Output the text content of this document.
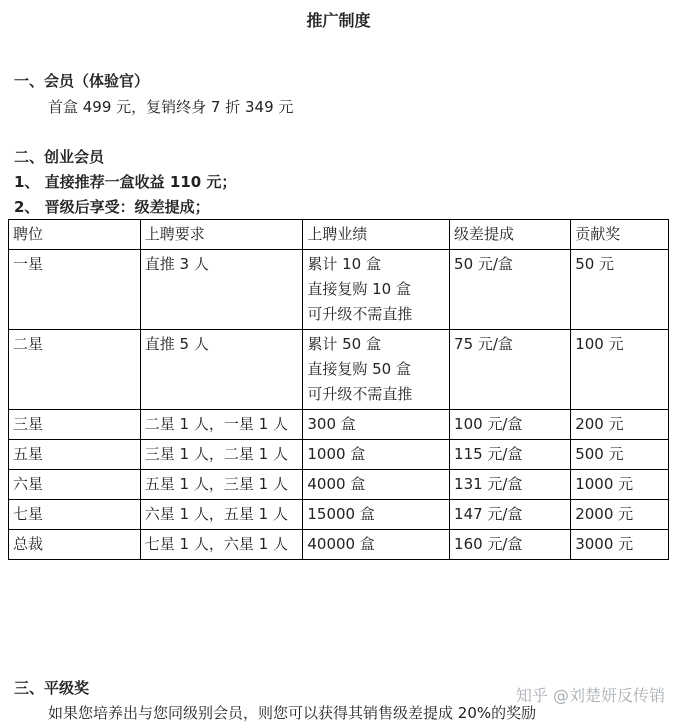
推广制度
一、会员（体验官）
首盒 499 元，复销终身 7 折 349 元
二、创业会员
1、 直接推荐一盒收益 110 元；
2、 晋级后享受：级差提成；
聘位	上聘要求	上聘业绩	级差提成	贡献奖
一星	直推 3 人	累计 10 盒
直接复购 10 盒
可升级不需直推	50 元/盒	50 元
二星	直推 5 人	累计 50 盒
直接复购 50 盒
可升级不需直推	75 元/盒	100 元
三星	二星 1 人，一星 1 人	300 盒	100 元/盒	200 元
五星	三星 1 人，二星 1 人	1000 盒	115 元/盒	500 元
六星	五星 1 人，三星 1 人	4000 盒	131 元/盒	1000 元
七星	六星 1 人，五星 1 人	15000 盒	147 元/盒	2000 元
总裁	七星 1 人，六星 1 人	40000 盒	160 元/盒	3000 元
三、平级奖
如果您培养出与您同级别会员，则您可以获得其销售级差提成 20%的奖励
知乎 @刘楚妍反传销
